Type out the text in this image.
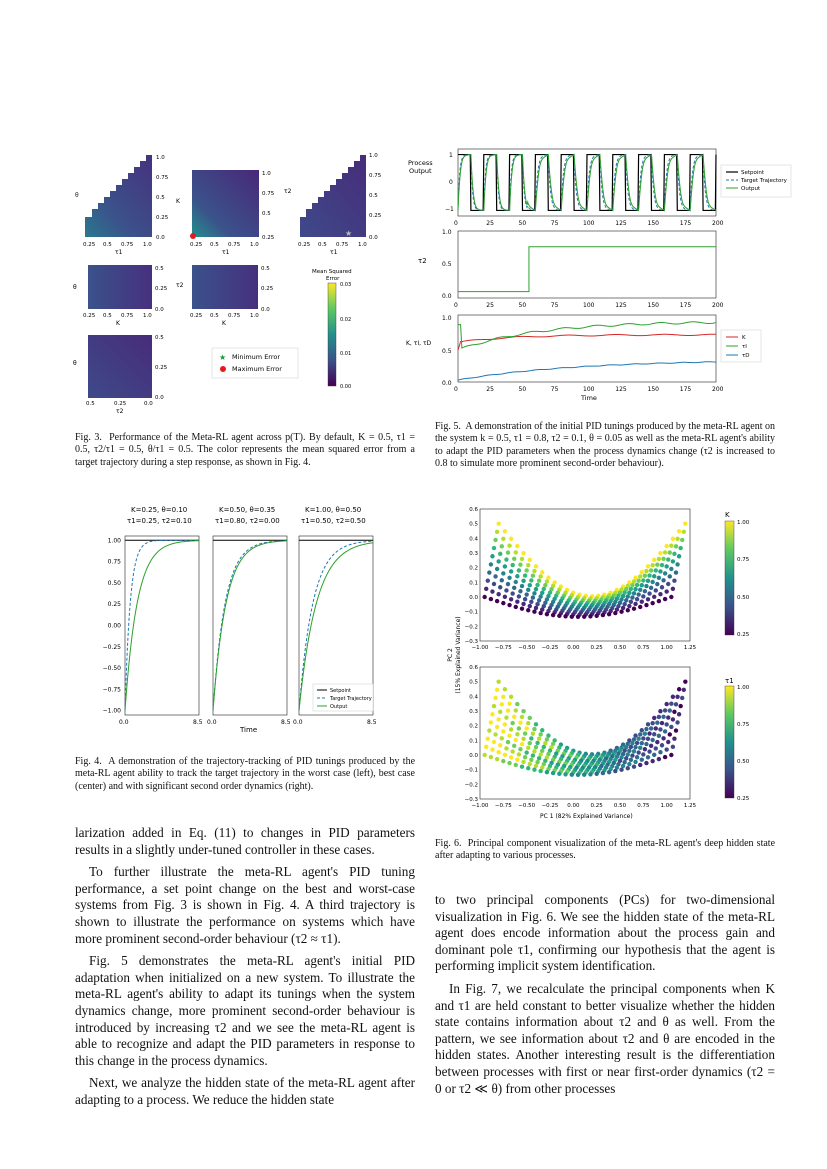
θ
1.0
0.75
0.5
0.25
0.0
0.25 0.5 0.75 1.0
τ1
K
1.0
0.75
0.5
0.25
0.25 0.5 0.75 1.0
τ1
★
τ2
1.0
0.75
0.5
0.25
0.0
0.25 0.5 0.75 1.0
τ1
θ
0.5
0.25
0.0
0.25 0.5 0.75 1.0
K
τ2
0.5
0.25
0.0
0.25 0.5 0.75 1.0
K
Mean Squared Error
0.03
0.02
0.01
0.00
θ
0.5
0.25
0.0
0.5	0.25	0.0
τ2
★ Minimum Error
Maximum Error
Fig. 3. Performance of the Meta-RL agent across p(T). By default, K = 0.5, τ1 = 0.5, τ2/τ1 = 0.5, θ/τ1 = 0.5. The color represents the mean squared error from a target trajectory during a step response, as shown in Fig. 4.
Process Output
1
0
−1
Setpoint
Target Trajectory
Output
0	25	50	75	100	125	150	175	200
τ2
1.0
0.5
0.0
0	25	50	75	100	125	150	175	200
K, τI, τD
1.0
0.5
0.0
K
τI
τD
0	25	50	75	100	125	150	175	200
Time
Fig. 5. A demonstration of the initial PID tunings produced by the meta-RL agent on the system k = 0.5, τ1 = 0.8, τ2 = 0.1, θ = 0.05 as well as the meta-RL agent's ability to adapt the PID parameters when the process dynamics change (τ2 is increased to 0.8 to simulate more prominent second-order behaviour).
K=0.25, θ=0.10
τ1=0.25, τ2=0.10
K=0.50, θ=0.35
τ1=0.80, τ2=0.00
K=1.00, θ=0.50
τ1=0.50, τ2=0.50
0.0	8.5 0.0	8.5 0.0	8.5
1.00
0.75
0.50
0.25
0.00
−0.25
−0.50
−0.75
−1.00
Time
Setpoint
Target Trajectory
Output
Fig. 4. A demonstration of the trajectory-tracking of PID tunings produced by the meta-RL agent ability to track the target trajectory in the worst case (left), best case (center) and with significant second order dynamics (right).
0.6
0.5
0.4
0.3
0.2
0.1
0.0
−0.1
−0.2
−0.3
−1.00 −0.75 −0.50 −0.25 0.00 0.25 0.50 0.75 1.00 1.25
0.6
0.5
0.4
0.3
0.2
0.1
0.0
−0.1
−0.2
−0.3
−1.00 −0.75 −0.50 −0.25 0.00 0.25 0.50 0.75 1.00 1.25
K
τ1
1.00
0.75
0.50
0.25
1.00
0.75
0.50
0.25
PC 2 (15% Explained Variance)
PC 1 (82% Explained Variance)
Fig. 6. Principal component visualization of the meta-RL agent's deep hidden state after adapting to various processes.

larization added in Eq. (11) to changes in PID parameters results in a slightly under-tuned controller in these cases.

To further illustrate the meta-RL agent's PID tuning performance, a set point change on the best and worst-case systems from Fig. 3 is shown in Fig. 4. A third trajectory is shown to illustrate the performance on systems which have more prominent second-order behaviour (τ2 ≈ τ1).

Fig. 5 demonstrates the meta-RL agent's initial PID adaptation when initialized on a new system. To illustrate the meta-RL agent's ability to adapt its tunings when the system dynamics change, more prominent second-order behaviour is introduced by increasing τ2 and we see the meta-RL agent is able to recognize and adapt the PID parameters in response to this change in the process dynamics.

Next, we analyze the hidden state of the meta-RL agent after adapting to a process. We reduce the hidden state

to two principal components (PCs) for two-dimensional visualization in Fig. 6. We see the hidden state of the meta-RL agent does encode information about the process gain and dominant pole τ1, confirming our hypothesis that the agent is performing implicit system identification.

In Fig. 7, we recalculate the principal components when K and τ1 are held constant to better visualize whether the hidden state contains information about τ2 and θ as well. From the pattern, we see information about τ2 and θ are encoded in the hidden states. Another interesting result is the differentiation between processes with first or near first-order dynamics (τ2 = 0 or τ2 ≪ θ) from other processes
